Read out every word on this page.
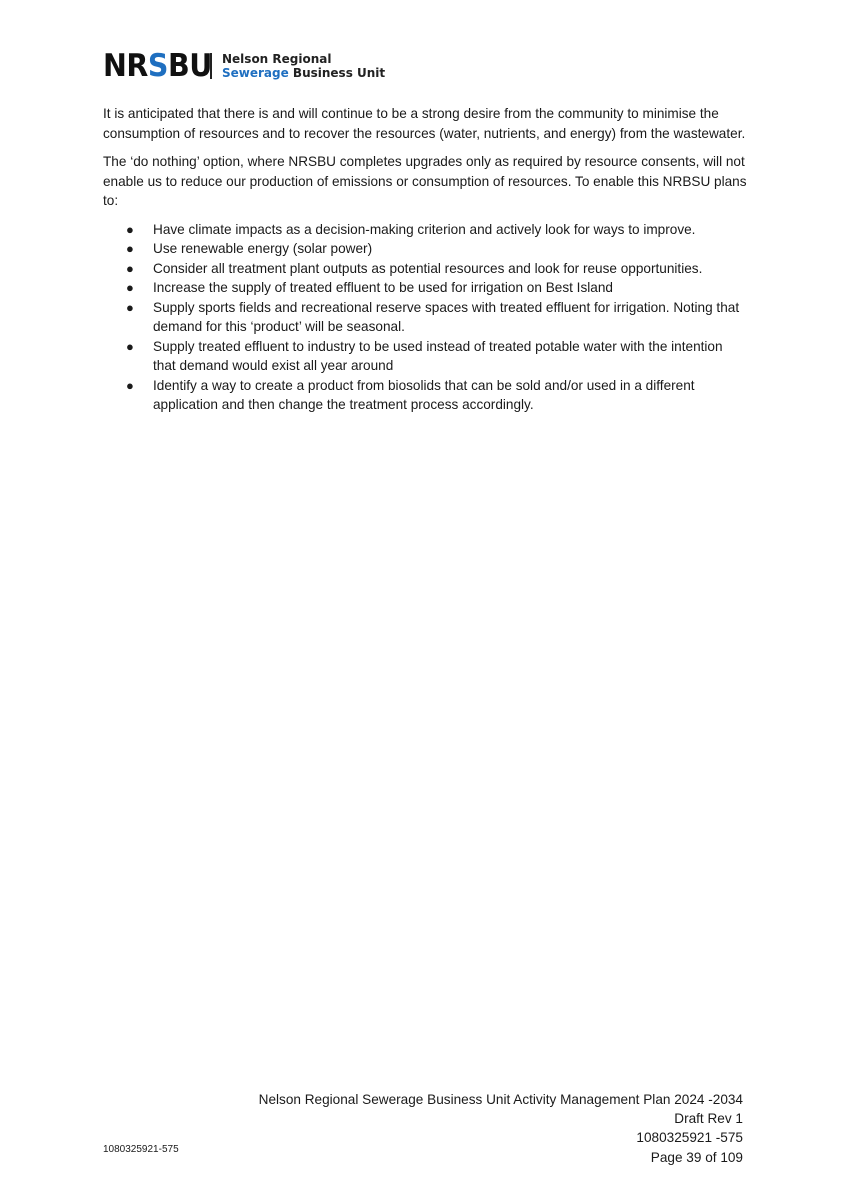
NRSBU Nelson Regional
Sewerage Business Unit

It is anticipated that there is and will continue to be a strong desire from the community to minimise the consumption of resources and to recover the resources (water, nutrients, and energy) from the wastewater.

The ‘do nothing’ option, where NRSBU completes upgrades only as required by resource consents, will not enable us to reduce our production of emissions or consumption of resources. To enable this NRBSU plans to:

● Have climate impacts as a decision-making criterion and actively look for ways to improve.
● Use renewable energy (solar power)
● Consider all treatment plant outputs as potential resources and look for reuse opportunities.
● Increase the supply of treated effluent to be used for irrigation on Best Island
● Supply sports fields and recreational reserve spaces with treated effluent for irrigation. Noting that demand for this ‘product’ will be seasonal.
● Supply treated effluent to industry to be used instead of treated potable water with the intention that demand would exist all year around
● Identify a way to create a product from biosolids that can be sold and/or used in a different application and then change the treatment process accordingly.
1080325921-575
Nelson Regional Sewerage Business Unit Activity Management Plan 2024 -2034
Draft Rev 1
1080325921 -575
Page 39 of 109
